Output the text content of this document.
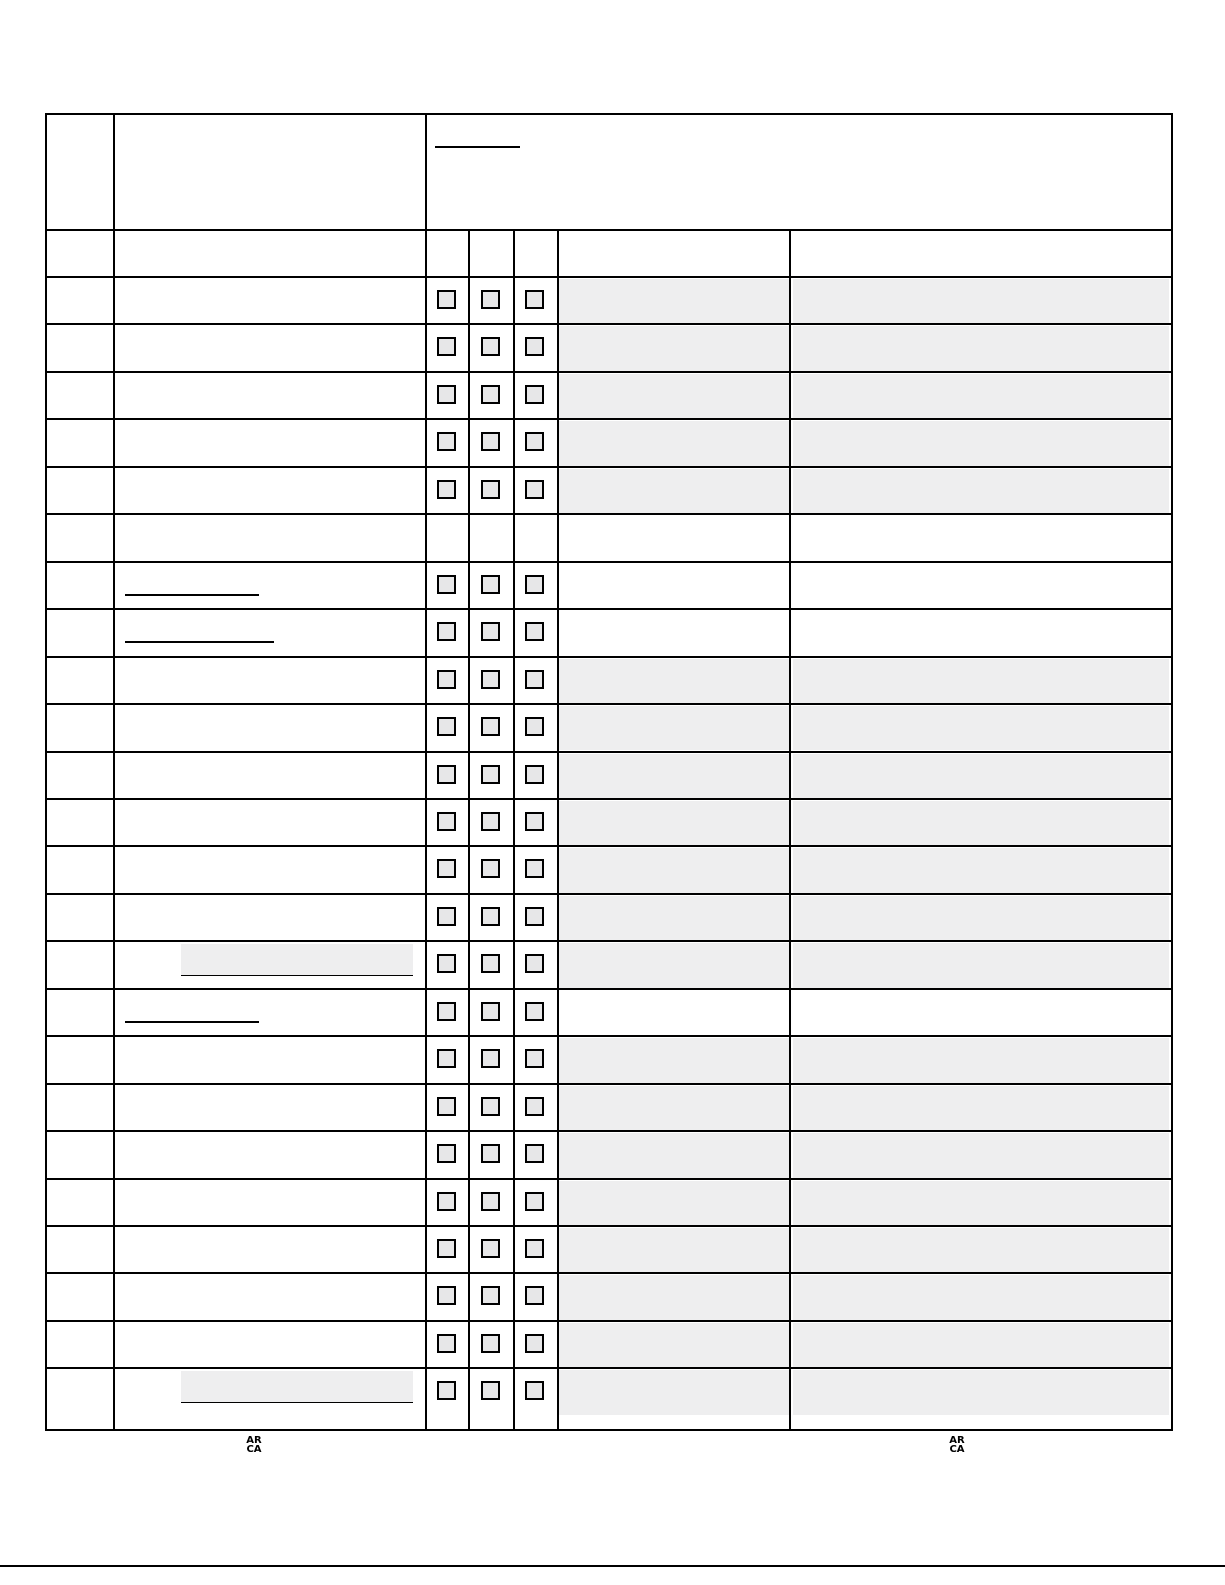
AR
CA
AR
CA
